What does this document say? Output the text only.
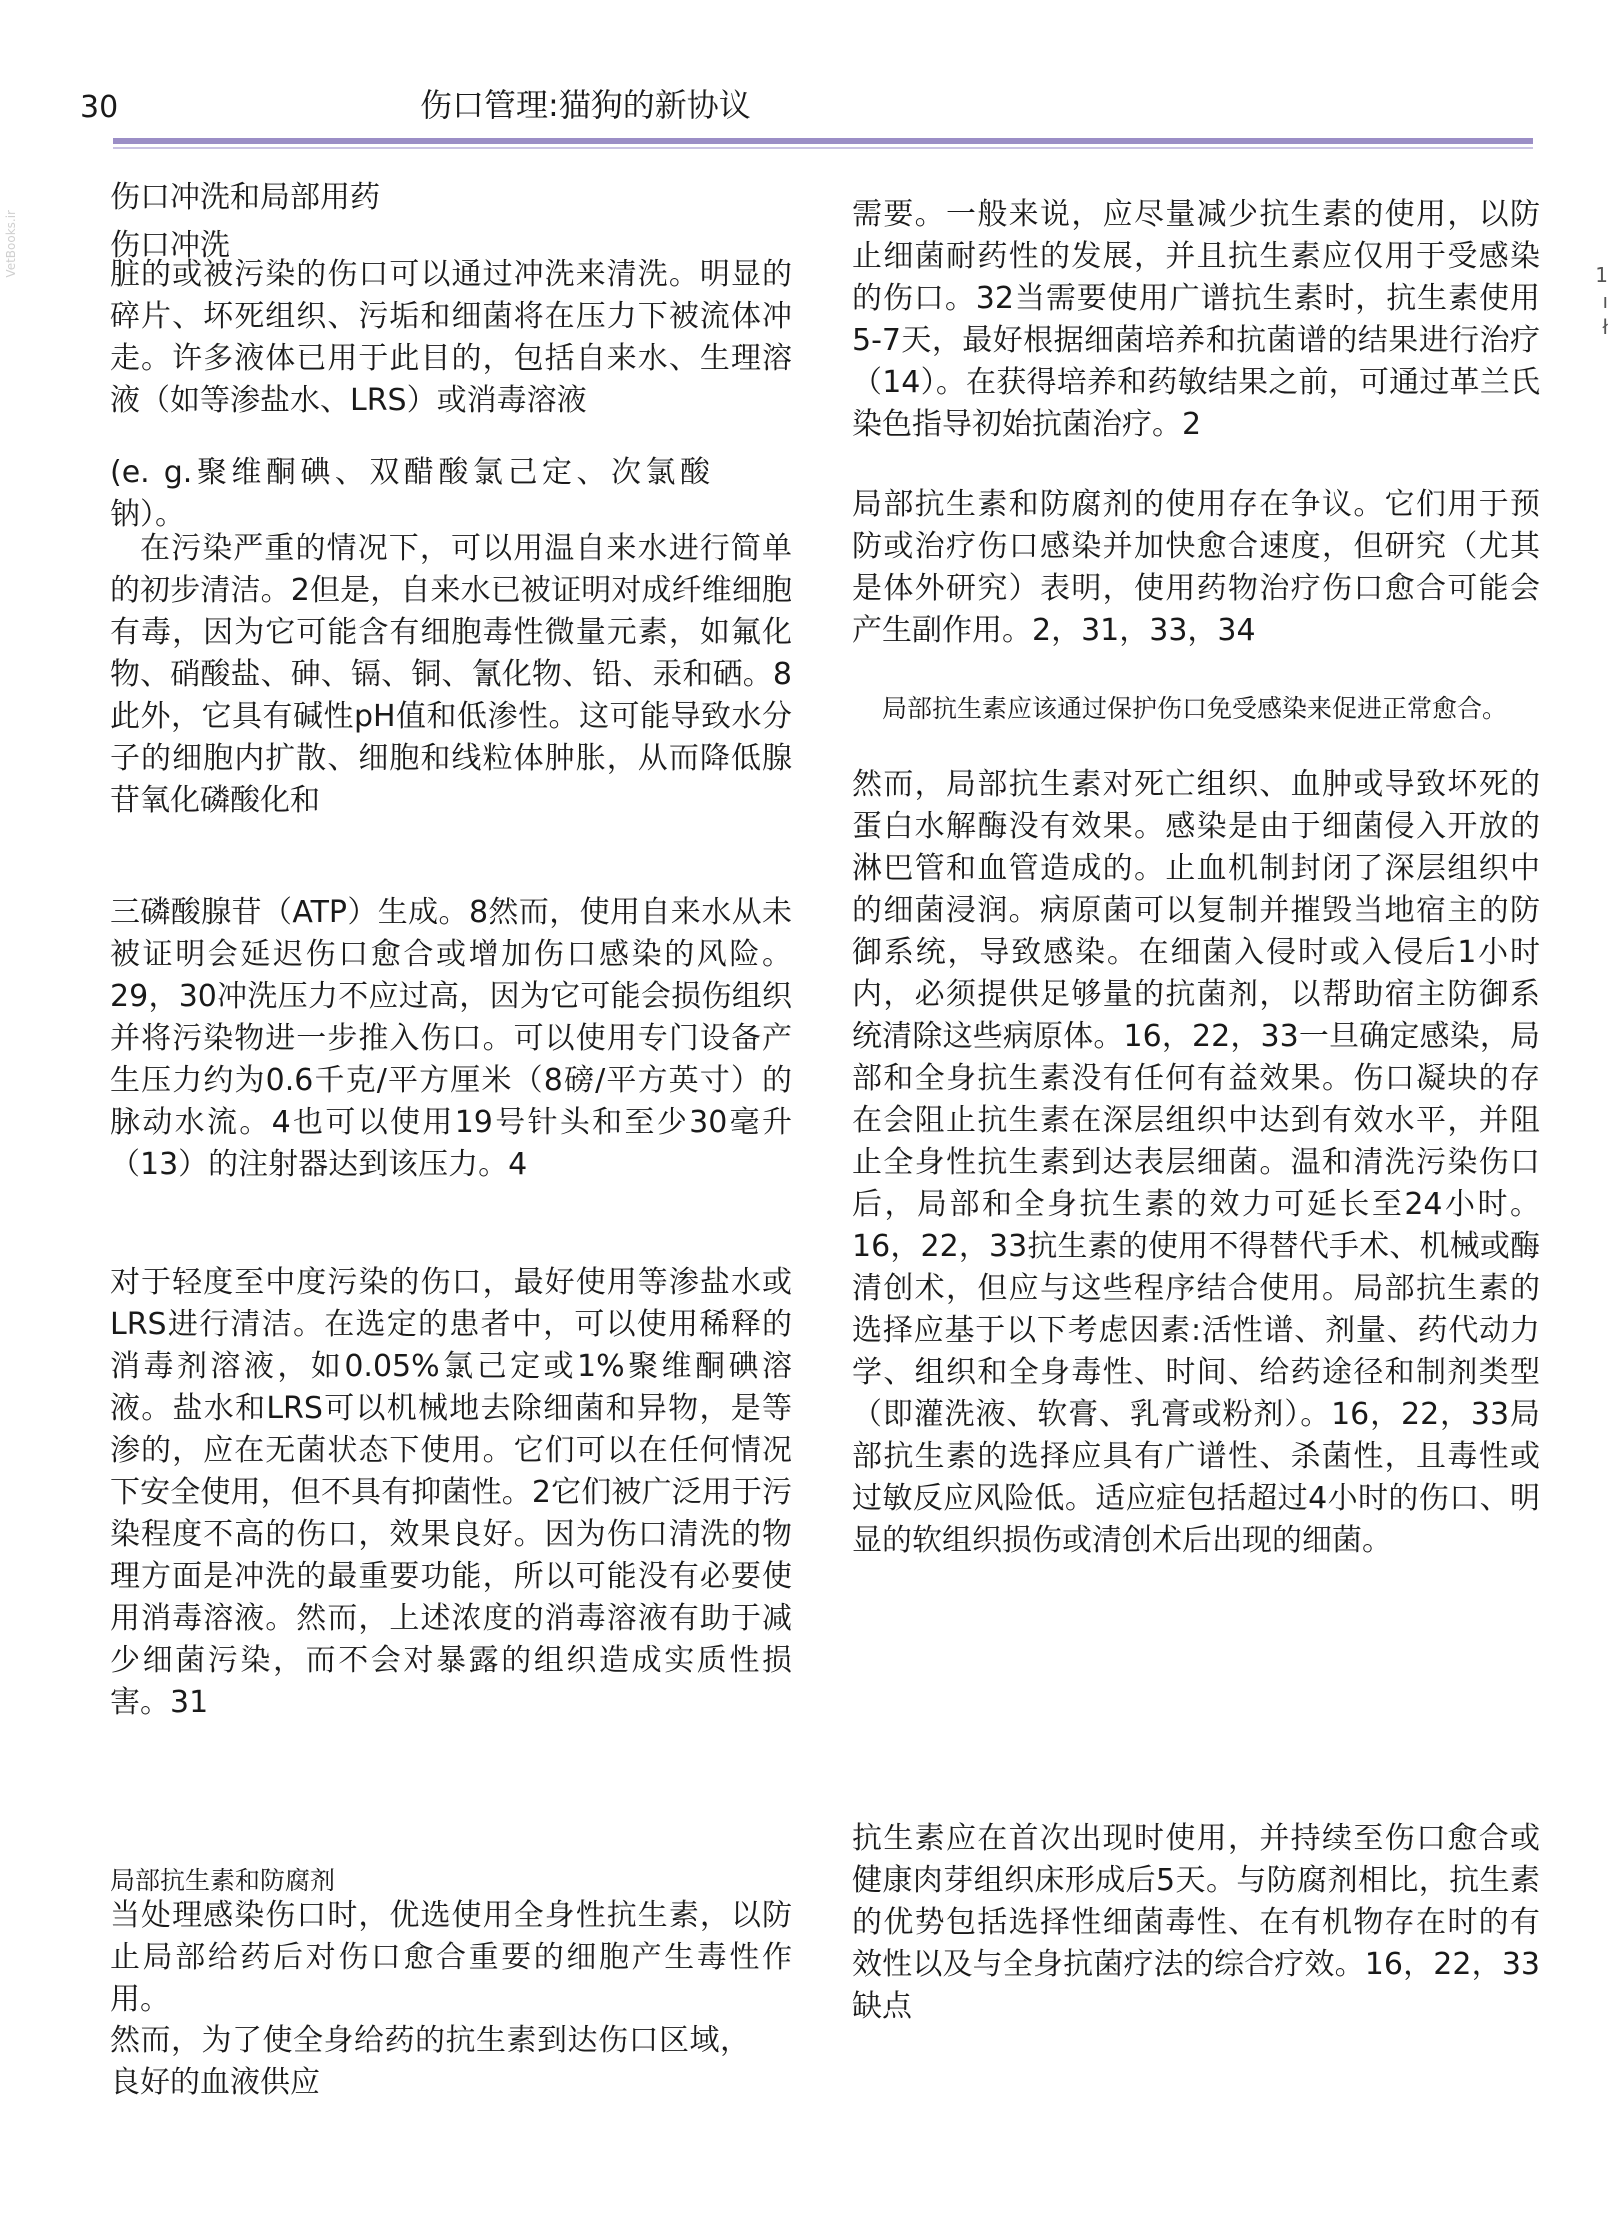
30	伤口管理:猫狗的新协议
VetBooks.ir	1
ı
ł

伤口冲洗和局部用药

伤口冲洗

脏的或被污染的伤口可以通过冲洗来清洗。明显的碎片、坏死组织、污垢和细菌将在压力下被流体冲走。许多液体已用于此目的，包括自来水、生理溶液（如等渗盐水、LRS）或消毒溶液

(e. g.聚维酮碘、双醋酸氯己定、次氯酸钠）。

在污染严重的情况下，可以用温自来水进行简单的初步清洁。2但是，自来水已被证明对成纤维细胞有毒，因为它可能含有细胞毒性微量元素，如氟化物、硝酸盐、砷、镉、铜、氰化物、铅、汞和硒。8此外，它具有碱性pH值和低渗性。这可能导致水分子的细胞内扩散、细胞和线粒体肿胀，从而降低腺苷氧化磷酸化和

三磷酸腺苷（ATP）生成。8然而，使用自来水从未被证明会延迟伤口愈合或增加伤口感染的风险。29，30冲洗压力不应过高，因为它可能会损伤组织并将污染物进一步推入伤口。可以使用专门设备产生压力约为0.6千克/平方厘米（8磅/平方英寸）的脉动水流。4也可以使用19号针头和至少30毫升（13）的注射器达到该压力。4

对于轻度至中度污染的伤口，最好使用等渗盐水或LRS进行清洁。在选定的患者中，可以使用稀释的消毒剂溶液，如0.05%氯己定或1%聚维酮碘溶液。盐水和LRS可以机械地去除细菌和异物，是等渗的，应在无菌状态下使用。它们可以在任何情况下安全使用，但不具有抑菌性。2它们被广泛用于污染程度不高的伤口，效果良好。因为伤口清洗的物理方面是冲洗的最重要功能，所以可能没有必要使用消毒溶液。然而，上述浓度的消毒溶液有助于减少细菌污染，而不会对暴露的组织造成实质性损害。31

局部抗生素和防腐剂

当处理感染伤口时，优选使用全身性抗生素，以防止局部给药后对伤口愈合重要的细胞产生毒性作用。

然而，为了使全身给药的抗生素到达伤口区域，良好的血液供应

需要。一般来说，应尽量减少抗生素的使用，以防止细菌耐药性的发展，并且抗生素应仅用于受感染的伤口。32当需要使用广谱抗生素时，抗生素使用5-7天，最好根据细菌培养和抗菌谱的结果进行治疗（14）。在获得培养和药敏结果之前，可通过革兰氏染色指导初始抗菌治疗。2

局部抗生素和防腐剂的使用存在争议。它们用于预防或治疗伤口感染并加快愈合速度，但研究（尤其是体外研究）表明，使用药物治疗伤口愈合可能会产生副作用。2，31，33，34

局部抗生素应该通过保护伤口免受感染来促进正常愈合。

然而，局部抗生素对死亡组织、血肿或导致坏死的蛋白水解酶没有效果。感染是由于细菌侵入开放的淋巴管和血管造成的。止血机制封闭了深层组织中的细菌浸润。病原菌可以复制并摧毁当地宿主的防御系统，导致感染。在细菌入侵时或入侵后1小时内，必须提供足够量的抗菌剂，以帮助宿主防御系统清除这些病原体。16，22，33一旦确定感染，局部和全身抗生素没有任何有益效果。伤口凝块的存在会阻止抗生素在深层组织中达到有效水平，并阻止全身性抗生素到达表层细菌。温和清洗污染伤口后，局部和全身抗生素的效力可延长至24小时。16，22，33抗生素的使用不得替代手术、机械或酶清创术，但应与这些程序结合使用。局部抗生素的选择应基于以下考虑因素:活性谱、剂量、药代动力学、组织和全身毒性、时间、给药途径和制剂类型（即灌洗液、软膏、乳膏或粉剂）。16，22，33局部抗生素的选择应具有广谱性、杀菌性，且毒性或过敏反应风险低。适应症包括超过4小时的伤口、明显的软组织损伤或清创术后出现的细菌。

抗生素应在首次出现时使用，并持续至伤口愈合或健康肉芽组织床形成后5天。与防腐剂相比，抗生素的优势包括选择性细菌毒性、在有机物存在时的有效性以及与全身抗菌疗法的综合疗效。16，22，33缺点
